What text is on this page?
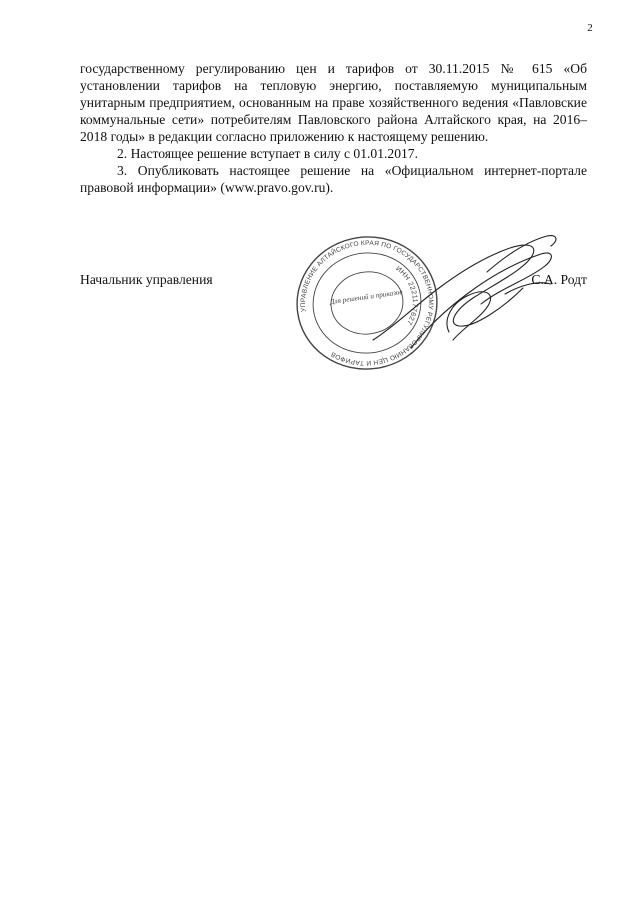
2

государственному регулированию цен и тарифов от 30.11.2015 № 615 «Об установлении тарифов на тепловую энергию, поставляемую муниципальным унитарным предприятием, основанным на праве хозяйственного ведения «Павловские коммунальные сети» потребителям Павловского района Алтайского края, на 2016–2018 годы» в редакции согласно приложению к настоящему решению.

2. Настоящее решение вступает в силу с 01.01.2017.

3. Опубликовать настоящее решение на «Официальном интернет-портале правовой информации» (www.pravo.gov.ru).

Начальник управления	С.А. Родт
УПРАВЛЕНИЕ АЛТАЙСКОГО КРАЯ ПО ГОСУДАРСТВЕННОМУ РЕГУЛИРОВАНИЮ ЦЕН И ТАРИФОВ
ИНН 2221177627
Для решений и приказов
